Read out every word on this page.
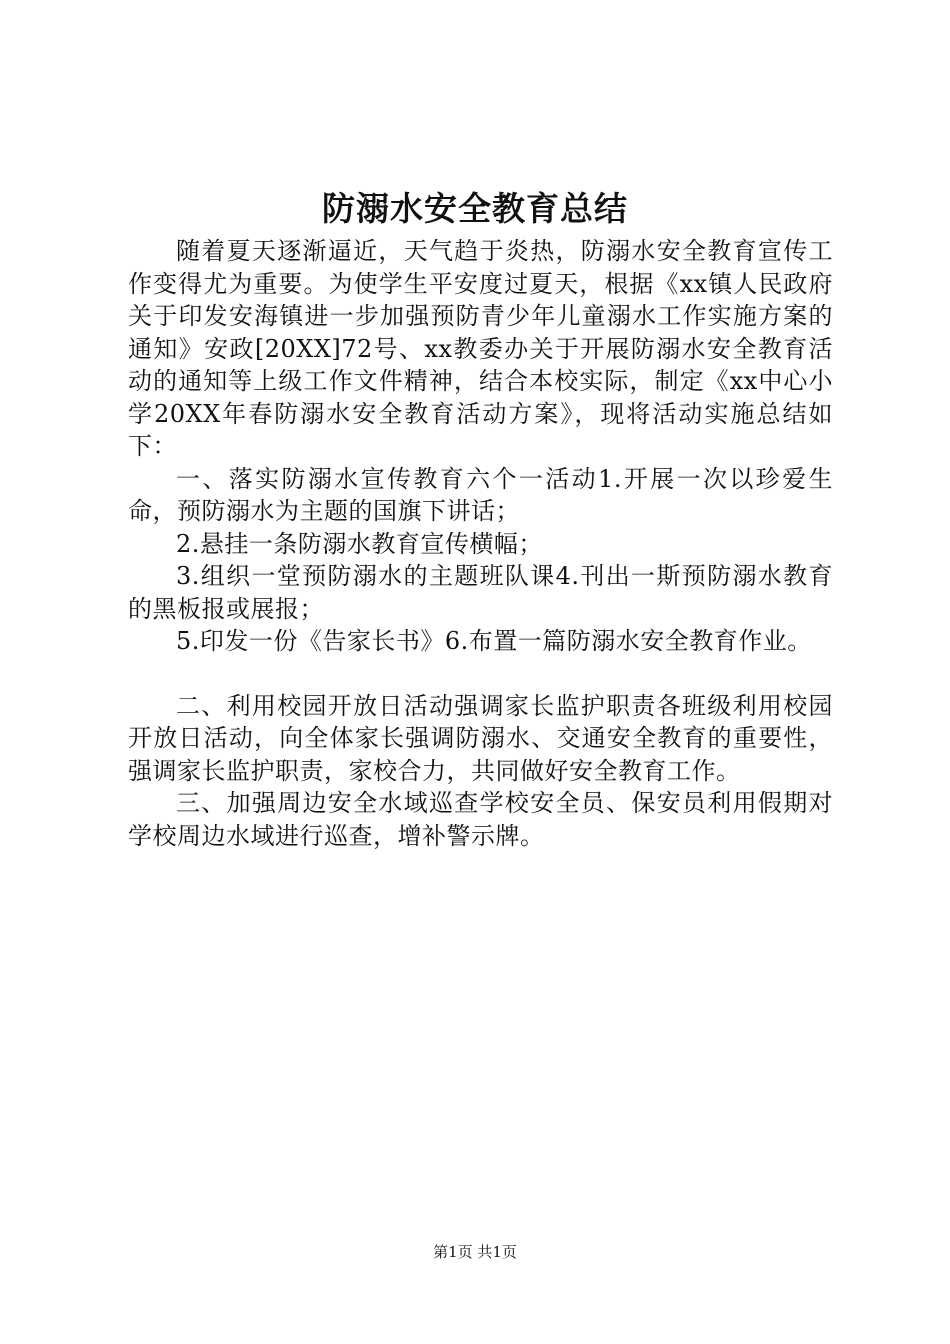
防溺水安全教育总结

随着夏天逐渐逼近，天气趋于炎热，防溺水安全教育宣传工作变得尤为重要。为使学生平安度过夏天，根据《xx镇人民政府关于印发安海镇进一步加强预防青少年儿童溺水工作实施方案的通知》安政[20XX]72号、xx教委办关于开展防溺水安全教育活动的通知等上级工作文件精神，结合本校实际，制定《xx中心小学20XX年春防溺水安全教育活动方案》，现将活动实施总结如下：

一、落实防溺水宣传教育六个一活动1.开展一次以珍爱生命，预防溺水为主题的国旗下讲话；

2.悬挂一条防溺水教育宣传横幅；

3.组织一堂预防溺水的主题班队课4.刊出一斯预防溺水教育的黑板报或展报；

5.印发一份《告家长书》6.布置一篇防溺水安全教育作业。

二、利用校园开放日活动强调家长监护职责各班级利用校园开放日活动，向全体家长强调防溺水、交通安全教育的重要性，强调家长监护职责，家校合力，共同做好安全教育工作。

三、加强周边安全水域巡查学校安全员、保安员利用假期对学校周边水域进行巡查，增补警示牌。

第1页 共1页
